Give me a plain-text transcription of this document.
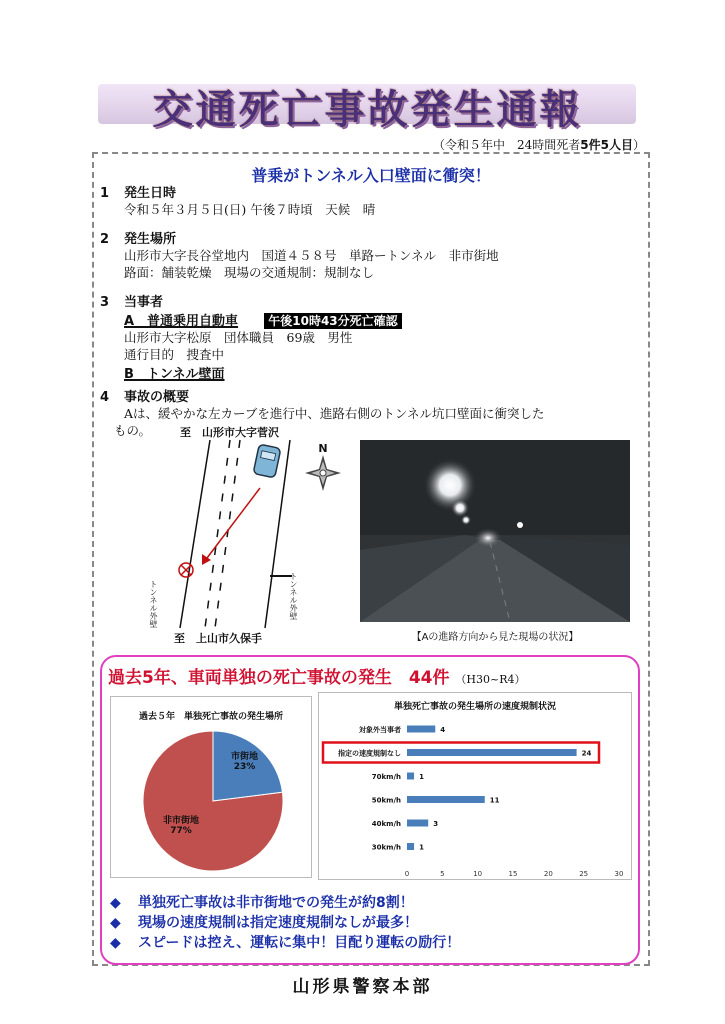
交通死亡事故発生通報
（令和５年中　24時間死者5件5人目）
普乗がトンネル入口壁面に衝突！
1 発生日時
令和５年３月５日(日) 午後７時頃　天候　晴
2 発生場所
山形市大字長谷堂地内　国道４５８号　単路ートンネル　非市街地
路面：舗装乾燥　現場の交通規制：規制なし
3 当事者
A　普通乗用自動車	午後10時43分死亡確認
山形市大字松原　団体職員　69歳　男性
通行目的　捜査中
B　トンネル壁面
4 事故の概要
Aは、緩やかな左カーブを進行中、進路右側のトンネル坑口壁面に衝突した
もの。	至　山形市大字菅沢
至　上山市久保手
トンネル外壁	トンネル外壁
N
【Aの進路方向から見た現場の状況】
過去5年、車両単独の死亡事故の発生　44件 （H30~R4）
過去５年　単独死亡事故の発生場所
市街地
23%
非市街地
77%
単独死亡事故の発生場所の速度規制状況
対象外当事者	4
指定の速度規制なし	24
70km/h	1
50km/h	11
40km/h	3
30km/h	1
0	5	10	15	20	25	30
◆ 単独死亡事故は非市街地での発生が約8割！
◆ 現場の速度規制は指定速度規制なしが最多！
◆ スピードは控え、運転に集中！目配り運転の励行！
山形県警察本部
